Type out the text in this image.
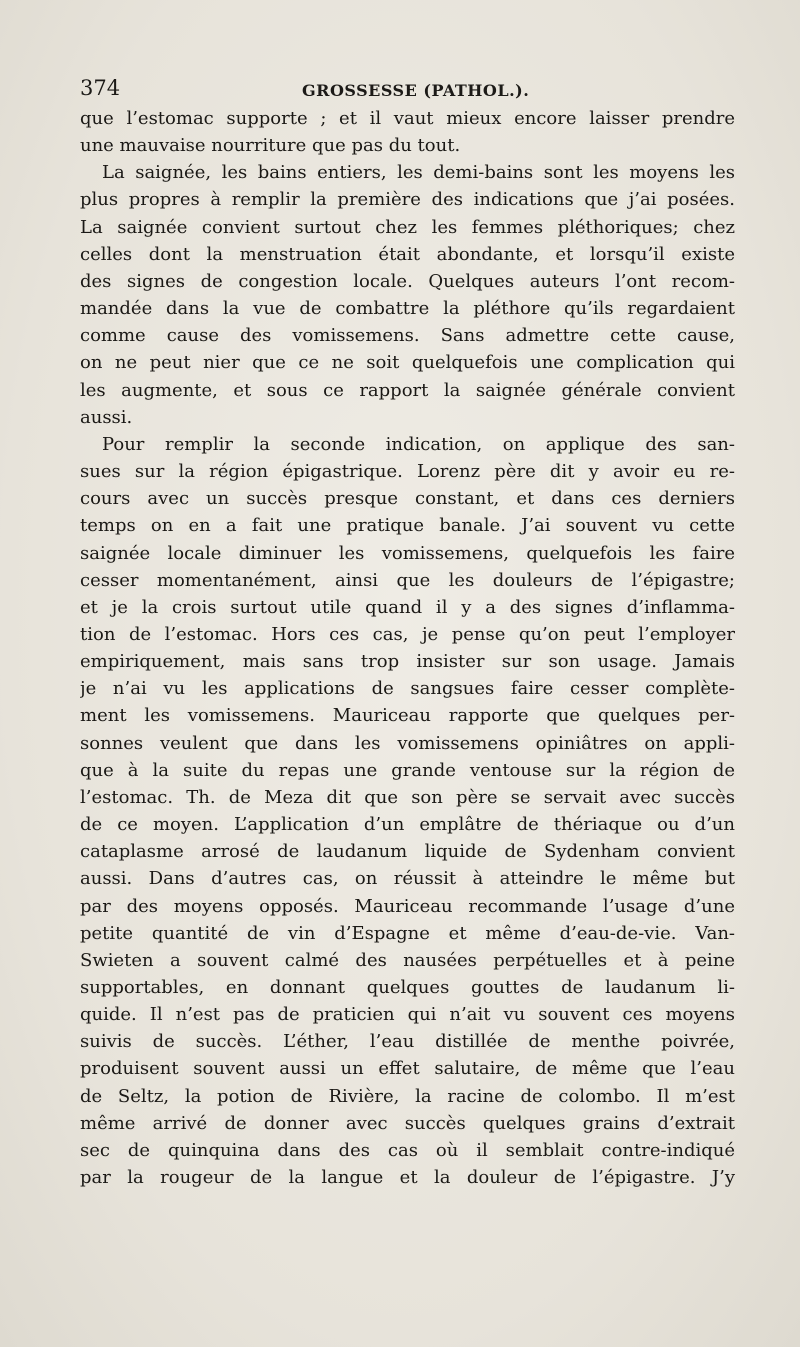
374	GROSSESSE (PATHOL.).
que l’estomac supporte ; et il vaut mieux encore laisser prendre
une mauvaise nourriture que pas du tout.
La saignée, les bains entiers, les demi-bains sont les moyens les
plus propres à remplir la première des indications que j’ai posées.
La saignée convient surtout chez les femmes pléthoriques; chez
celles dont la menstruation était abondante, et lorsqu’il existe
des signes de congestion locale. Quelques auteurs l’ont recom-
mandée dans la vue de combattre la pléthore qu’ils regardaient
comme cause des vomissemens. Sans admettre cette cause,
on ne peut nier que ce ne soit quelquefois une complication qui
les augmente, et sous ce rapport la saignée générale convient
aussi.
Pour remplir la seconde indication, on applique des san-
sues sur la région épigastrique. Lorenz père dit y avoir eu re-
cours avec un succès presque constant, et dans ces derniers
temps on en a fait une pratique banale. J’ai souvent vu cette
saignée locale diminuer les vomissemens, quelquefois les faire
cesser momentanément, ainsi que les douleurs de l’épigastre;
et je la crois surtout utile quand il y a des signes d’inflamma-
tion de l’estomac. Hors ces cas, je pense qu’on peut l’employer
empiriquement, mais sans trop insister sur son usage. Jamais
je n’ai vu les applications de sangsues faire cesser complète-
ment les vomissemens. Mauriceau rapporte que quelques per-
sonnes veulent que dans les vomissemens opiniâtres on appli-
que à la suite du repas une grande ventouse sur la région de
l’estomac. Th. de Meza dit que son père se servait avec succès
de ce moyen. L’application d’un emplâtre de thériaque ou d’un
cataplasme arrosé de laudanum liquide de Sydenham convient
aussi. Dans d’autres cas, on réussit à atteindre le même but
par des moyens opposés. Mauriceau recommande l’usage d’une
petite quantité de vin d’Espagne et même d’eau-de-vie. Van-
Swieten a souvent calmé des nausées perpétuelles et à peine
supportables, en donnant quelques gouttes de laudanum li-
quide. Il n’est pas de praticien qui n’ait vu souvent ces moyens
suivis de succès. L’éther, l’eau distillée de menthe poivrée,
produisent souvent aussi un effet salutaire, de même que l’eau
de Seltz, la potion de Rivière, la racine de colombo. Il m’est
même arrivé de donner avec succès quelques grains d’extrait
sec de quinquina dans des cas où il semblait contre-indiqué
par la rougeur de la langue et la douleur de l’épigastre. J’y
